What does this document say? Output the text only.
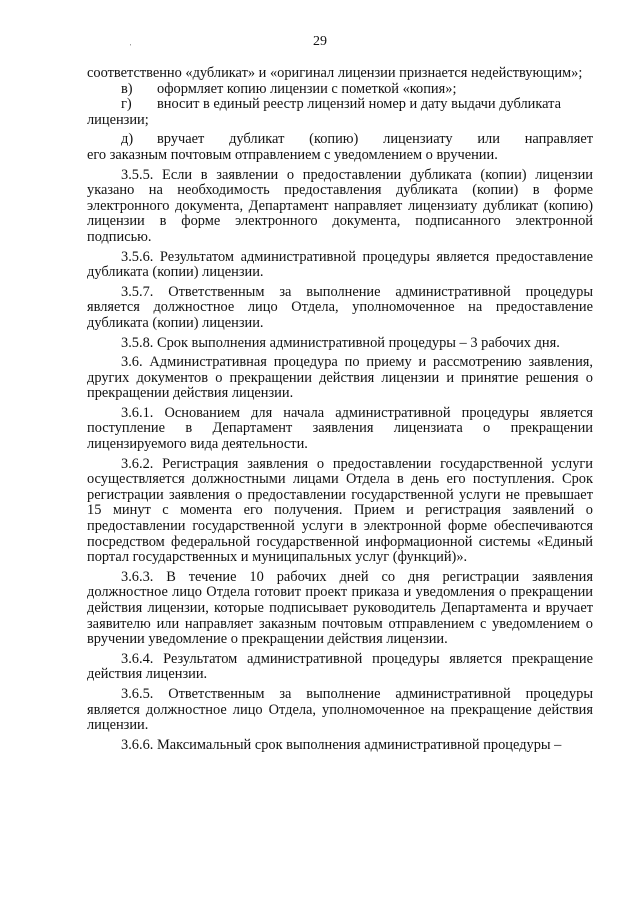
29
'

соответственно «дубликат» и «оригинал лицензии признается недействующим»;

в)	оформляет копию лицензии с пометкой «копия»;
г)	вносит в единый реестр лицензий номер и дату выдачи дубликата

лицензии;

д)	вручает дубликат (копию) лицензиату или направляет

его заказным почтовым отправлением с уведомлением о вручении.

3.5.5. Если в заявлении о предоставлении дубликата (копии) лицензии указано на необходимость предоставления дубликата (копии) в форме электронного документа, Департамент направляет лицензиату дубликат (копию) лицензии в форме электронного документа, подписанного электронной подписью.

3.5.6. Результатом административной процедуры является предоставление дубликата (копии) лицензии.

3.5.7. Ответственным за выполнение административной процедуры является должностное лицо Отдела, уполномоченное на предоставление дубликата (копии) лицензии.

3.5.8. Срок выполнения административной процедуры – 3 рабочих дня.

3.6. Административная процедура по приему и рассмотрению заявления, других документов о прекращении действия лицензии и принятие решения о прекращении действия лицензии.

3.6.1. Основанием для начала административной процедуры является поступление в Департамент заявления лицензиата о прекращении лицензируемого вида деятельности.

3.6.2. Регистрация заявления о предоставлении государственной услуги осуществляется должностными лицами Отдела в день его поступления. Срок регистрации заявления о предоставлении государственной услуги не превышает 15 минут с момента его получения. Прием и регистрация заявлений о предоставлении государственной услуги в электронной форме обеспечиваются посредством федеральной государственной информационной системы «Единый портал государственных и муниципальных услуг (функций)».

3.6.3. В течение 10 рабочих дней со дня регистрации заявления должностное лицо Отдела готовит проект приказа и уведомления о прекращении действия лицензии, которые подписывает руководитель Департамента и вручает заявителю или направляет заказным почтовым отправлением с уведомлением о вручении уведомление о прекращении действия лицензии.

3.6.4. Результатом административной процедуры является прекращение действия лицензии.

3.6.5. Ответственным за выполнение административной процедуры является должностное лицо Отдела, уполномоченное на прекращение действия лицензии.

3.6.6. Максимальный срок выполнения административной процедуры –
